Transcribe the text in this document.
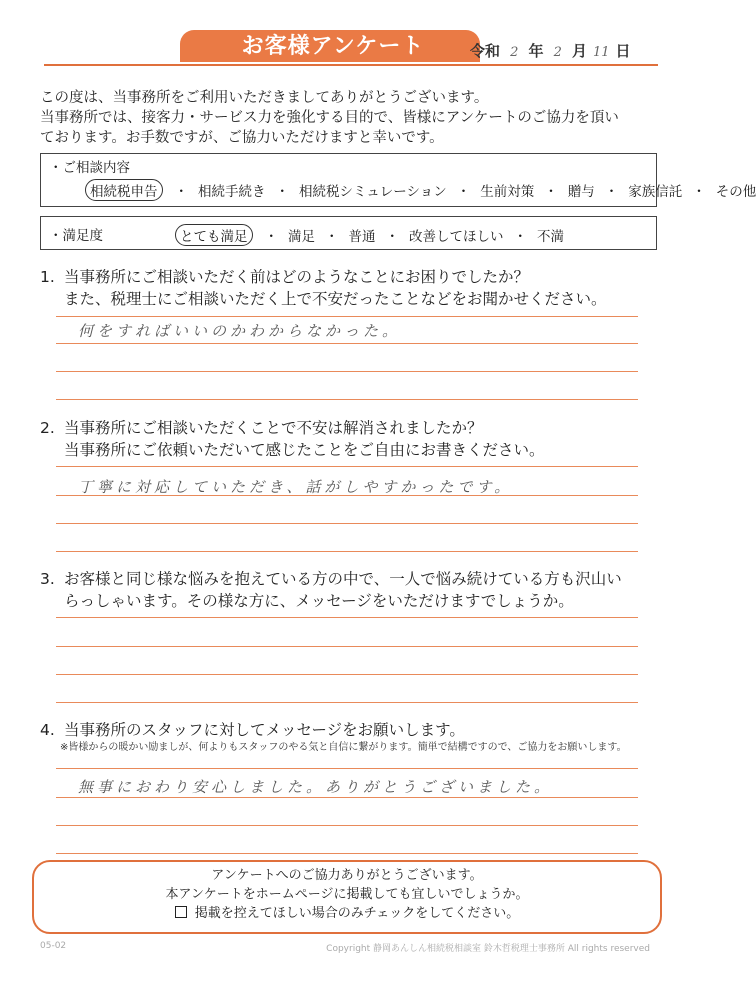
お客様アンケート	令和 2 年 2 月 11 日

この度は、当事務所をご利用いただきましてありがとうございます。

当事務所では、接客力・サービス力を強化する目的で、皆様にアンケートのご協力を頂い

ております。お手数ですが、ご協力いただけますと幸いです。

・ご相談内容
相続税申告 ・ 相続手続き ・ 相続税シミュレーション ・ 生前対策 ・ 贈与 ・ 家族信託 ・ その他
・満足度	とても満足 ・ 満足 ・ 普通 ・ 改善してほしい ・ 不満

1. 当事務所にご相談いただく前はどのようなことにお困りでしたか？

また、税理士にご相談いただく上で不安だったことなどをお聞かせください。

何をすればいいのかわからなかった。

2. 当事務所にご相談いただくことで不安は解消されましたか？

当事務所にご依頼いただいて感じたことをご自由にお書きください。

丁寧に対応していただき、話がしやすかったです。

3. お客様と同じ様な悩みを抱えている方の中で、一人で悩み続けている方も沢山い

らっしゃいます。その様な方に、メッセージをいただけますでしょうか。

4. 当事務所のスタッフに対してメッセージをお願いします。

※皆様からの暖かい励ましが、何よりもスタッフのやる気と自信に繋がります。簡単で結構ですので、ご協力をお願いします。

無事におわり安心しました。ありがとうございました。

アンケートへのご協力ありがとうございます。

本アンケートをホームページに掲載しても宜しいでしょうか。

掲載を控えてほしい場合のみチェックをしてください。

05-02	Copyright 静岡あんしん相続税相談室 鈴木哲税理士事務所 All rights reserved
